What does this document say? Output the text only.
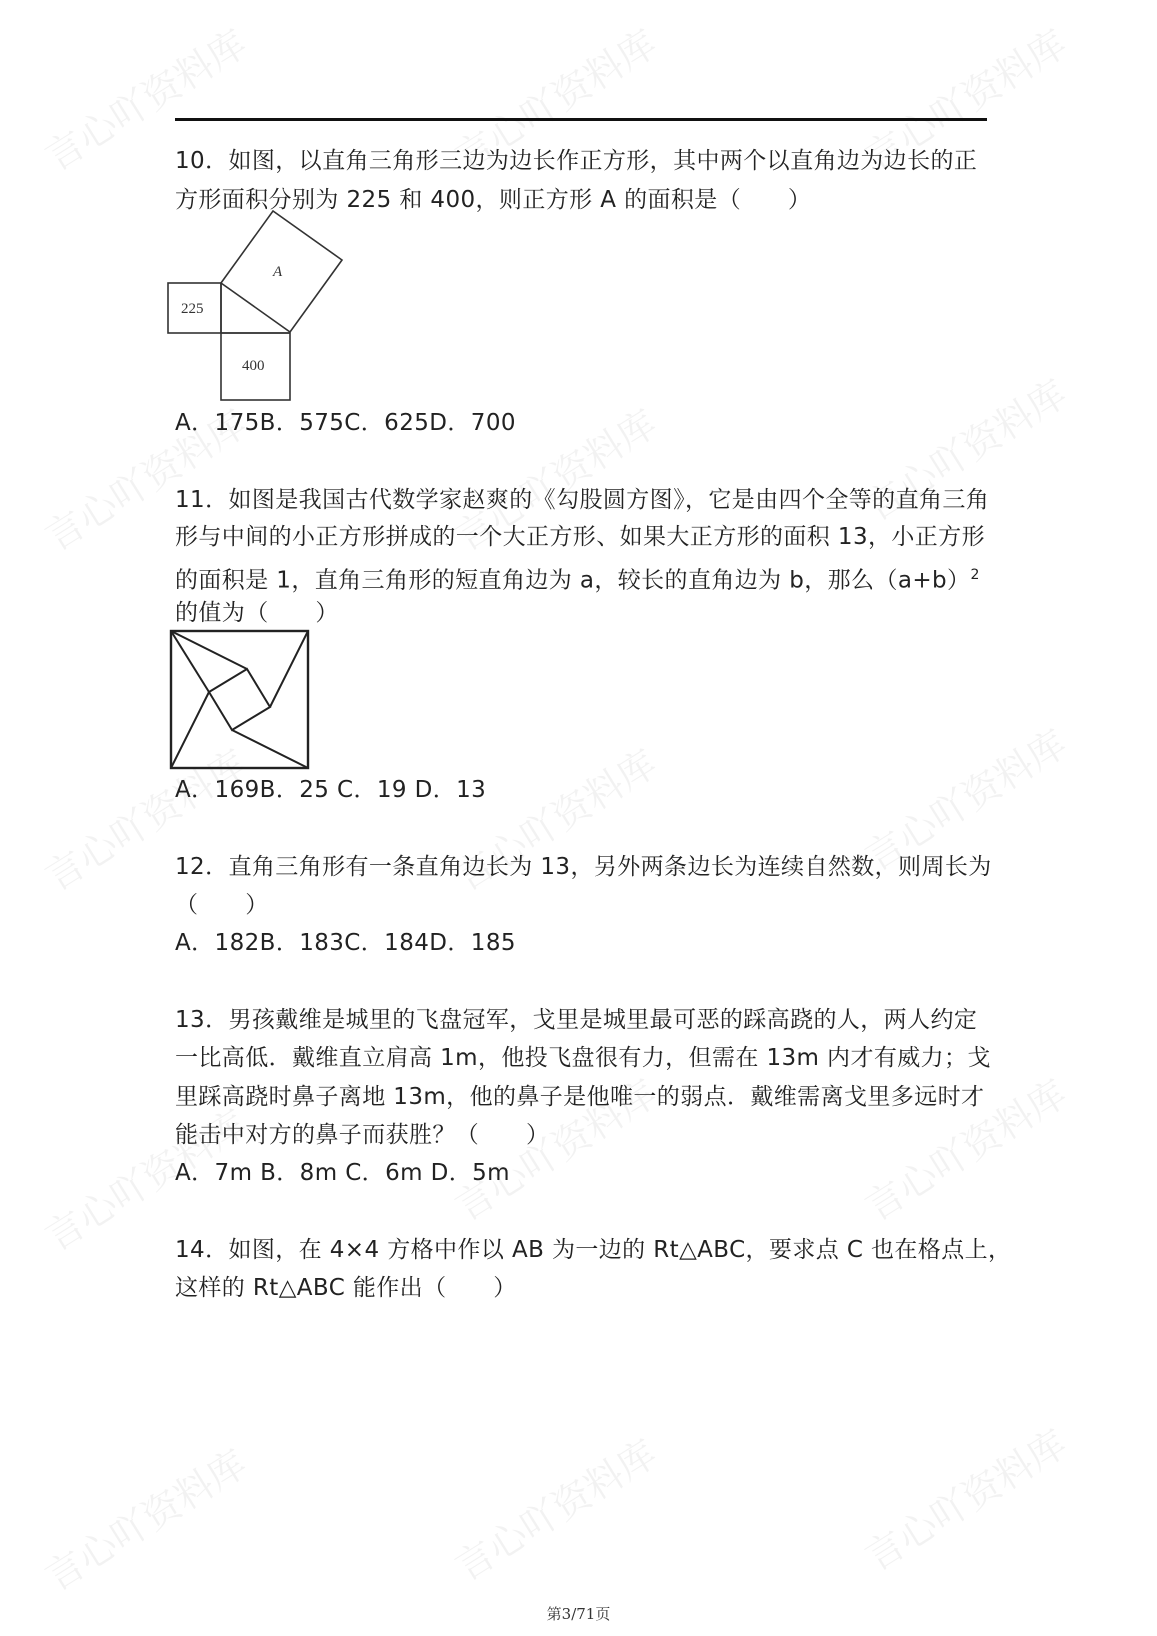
言心吖资料库	言心吖资料库	言心吖资料库
言心吖资料库	言心吖资料库	言心吖资料库
言心吖资料库	言心吖资料库	言心吖资料库
言心吖资料库	言心吖资料库	言心吖资料库
言心吖资料库	言心吖资料库	言心吖资料库
10．如图，以直角三角形三边为边长作正方形，其中两个以直角边为边长的正
方形面积分别为 225 和 400，则正方形 A 的面积是（　　）
A
225
400
A．175B．575C．625D．700
11．如图是我国古代数学家赵爽的《勾股圆方图》，它是由四个全等的直角三角
形与中间的小正方形拼成的一个大正方形、如果大正方形的面积 13，小正方形
的面积是 1，直角三角形的短直角边为 a，较长的直角边为 b，那么$(a+b)^2$
的值为（　　）
A．169B．25 C．19 D．13
12．直角三角形有一条直角边长为 13，另外两条边长为连续自然数，则周长为
（　　）
A．182B．183C．184D．185
13．男孩戴维是城里的飞盘冠军，戈里是城里最可恶的踩高跷的人，两人约定
一比高低．戴维直立肩高 1m，他投飞盘很有力，但需在 13m 内才有威力；戈
里踩高跷时鼻子离地 13m，他的鼻子是他唯一的弱点．戴维需离戈里多远时才
能击中对方的鼻子而获胜？（　　）
A．7m B．8m C．6m D．5m
14．如图，在 4×4 方格中作以 AB 为一边的 Rt△ABC，要求点 C 也在格点上，
这样的 Rt△ABC 能作出（　　）
第3/71页
